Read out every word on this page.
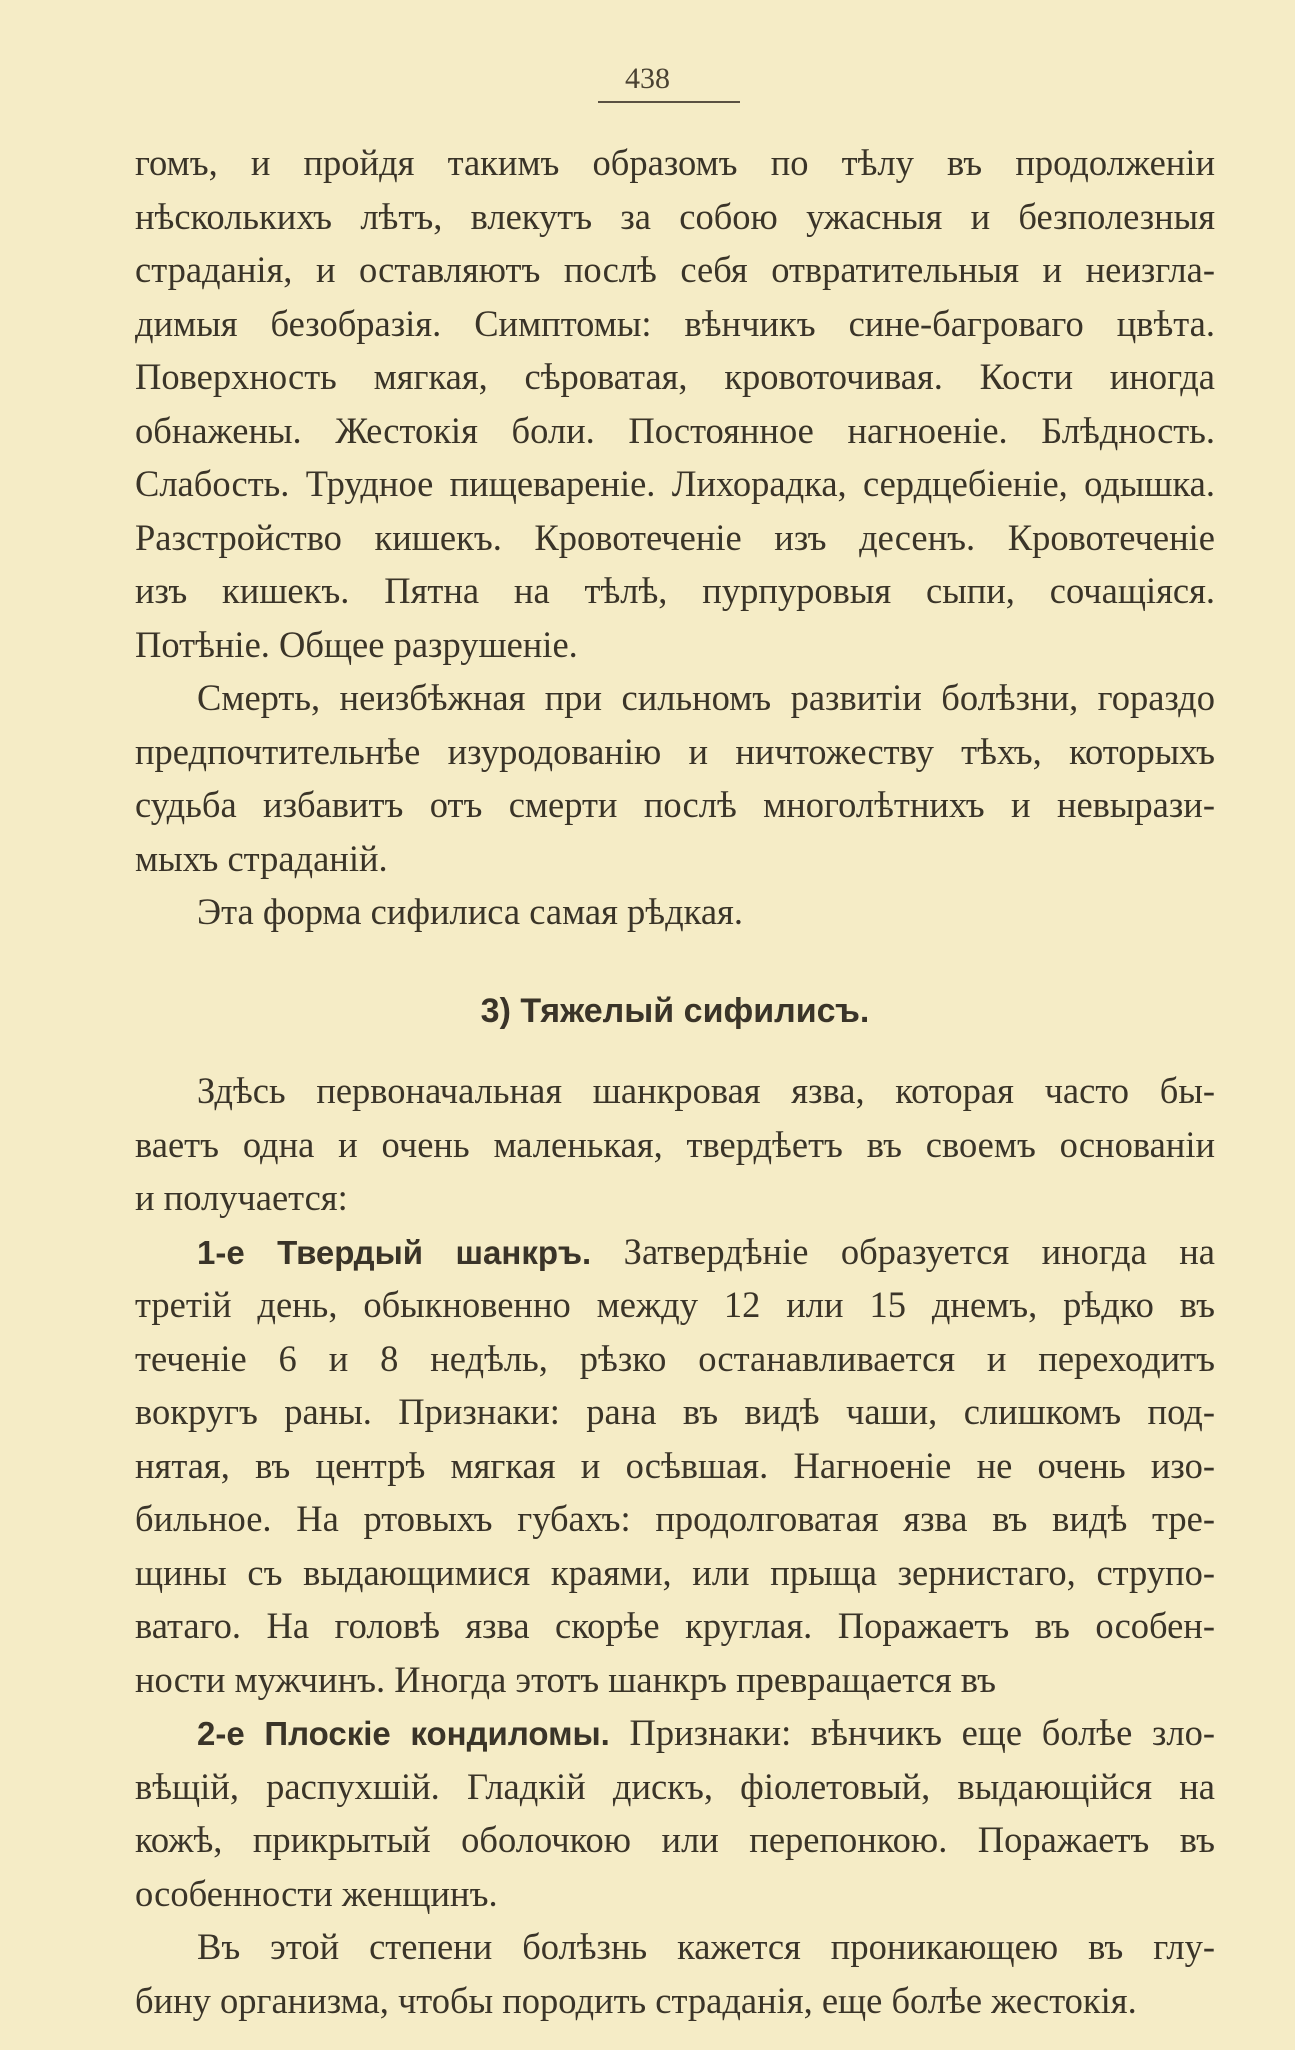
438
гомъ, и пройдя такимъ образомъ по тѣлу въ продолженіи
нѣсколькихъ лѣтъ, влекутъ за собою ужасныя и безполезныя
страданія, и оставляютъ послѣ себя отвратительныя и неизгла-
димыя безобразія. Симптомы: вѣнчикъ сине-багроваго цвѣта.
Поверхность мягкая, сѣроватая, кровоточивая. Кости иногда
обнажены. Жестокія боли. Постоянное нагноеніе. Блѣдность.
Слабость. Трудное пищевареніе. Лихорадка, сердцебіеніе, одышка.
Разстройство кишекъ. Кровотеченіе изъ десенъ. Кровотеченіе
изъ кишекъ. Пятна на тѣлѣ, пурпуровыя сыпи, сочащіяся.
Потѣніе. Общее разрушеніе.
Смерть, неизбѣжная при сильномъ развитіи болѣзни, гораздо
предпочтительнѣе изуродованію и ничтожеству тѣхъ, которыхъ
судьба избавитъ отъ смерти послѣ многолѣтнихъ и невырази-
мыхъ страданій.
Эта форма сифилиса самая рѣдкая.
3) Тяжелый сифилисъ.
Здѣсь первоначальная шанкровая язва, которая часто бы-
ваетъ одна и очень маленькая, твердѣетъ въ своемъ основаніи
и получается:
1-е Твердый шанкръ. Затвердѣніе образуется иногда на
третій день, обыкновенно между 12 или 15 днемъ, рѣдко въ
теченіе 6 и 8 недѣль, рѣзко останавливается и переходитъ
вокругъ раны. Признаки: рана въ видѣ чаши, слишкомъ под-
нятая, въ центрѣ мягкая и осѣвшая. Нагноеніе не очень изо-
бильное. На ртовыхъ губахъ: продолговатая язва въ видѣ тре-
щины съ выдающимися краями, или прыща зернистаго, струпо-
ватаго. На головѣ язва скорѣе круглая. Поражаетъ въ особен-
ности мужчинъ. Иногда этотъ шанкръ превращается въ
2-е Плоскіе кондиломы. Признаки: вѣнчикъ еще болѣе зло-
вѣщій, распухшій. Гладкій дискъ, фіолетовый, выдающійся на
кожѣ, прикрытый оболочкою или перепонкою. Поражаетъ въ
особенности женщинъ.
Въ этой степени болѣзнь кажется проникающею въ глу-
бину организма, чтобы породить страданія, еще болѣе жестокія.
